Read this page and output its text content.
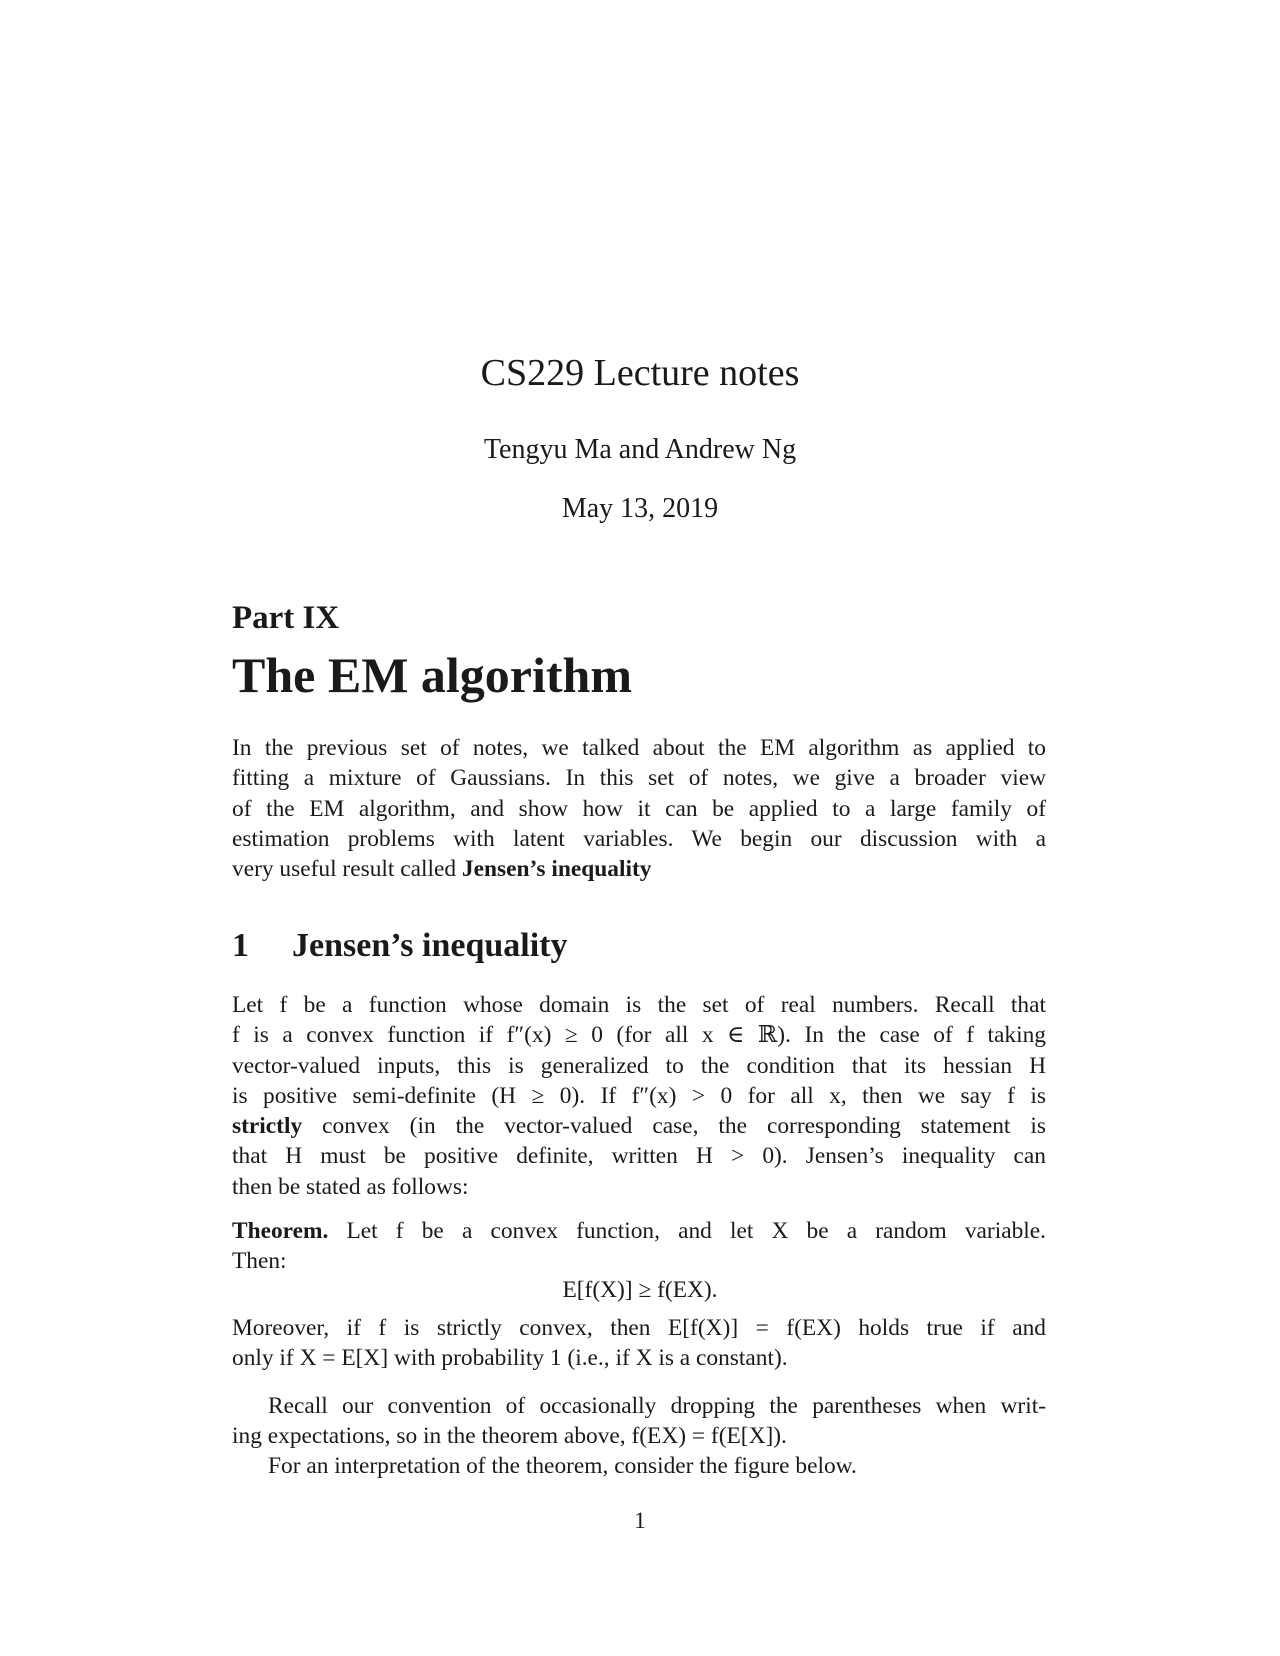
CS229 Lecture notes
Tengyu Ma and Andrew Ng
May 13, 2019
Part IX
The EM algorithm
In the previous set of notes, we talked about the EM algorithm as applied to
fitting a mixture of Gaussians. In this set of notes, we give a broader view
of the EM algorithm, and show how it can be applied to a large family of
estimation problems with latent variables. We begin our discussion with a
very useful result called Jensen’s inequality
1 Jensen’s inequality
Let f be a function whose domain is the set of real numbers. Recall that
f is a convex function if f″(x) ≥ 0 (for all x ∈ ℝ). In the case of f taking
vector-valued inputs, this is generalized to the condition that its hessian H
is positive semi-definite (H ≥ 0). If f″(x) > 0 for all x, then we say f is
strictly convex (in the vector-valued case, the corresponding statement is
that H must be positive definite, written H > 0). Jensen’s inequality can
then be stated as follows:
Theorem. Let f be a convex function, and let X be a random variable.
Then:
E[f(X)] ≥ f(EX).
Moreover, if f is strictly convex, then E[f(X)] = f(EX) holds true if and
only if X = E[X] with probability 1 (i.e., if X is a constant).
Recall our convention of occasionally dropping the parentheses when writ-
ing expectations, so in the theorem above, f(EX) = f(E[X]).
For an interpretation of the theorem, consider the figure below.
1
